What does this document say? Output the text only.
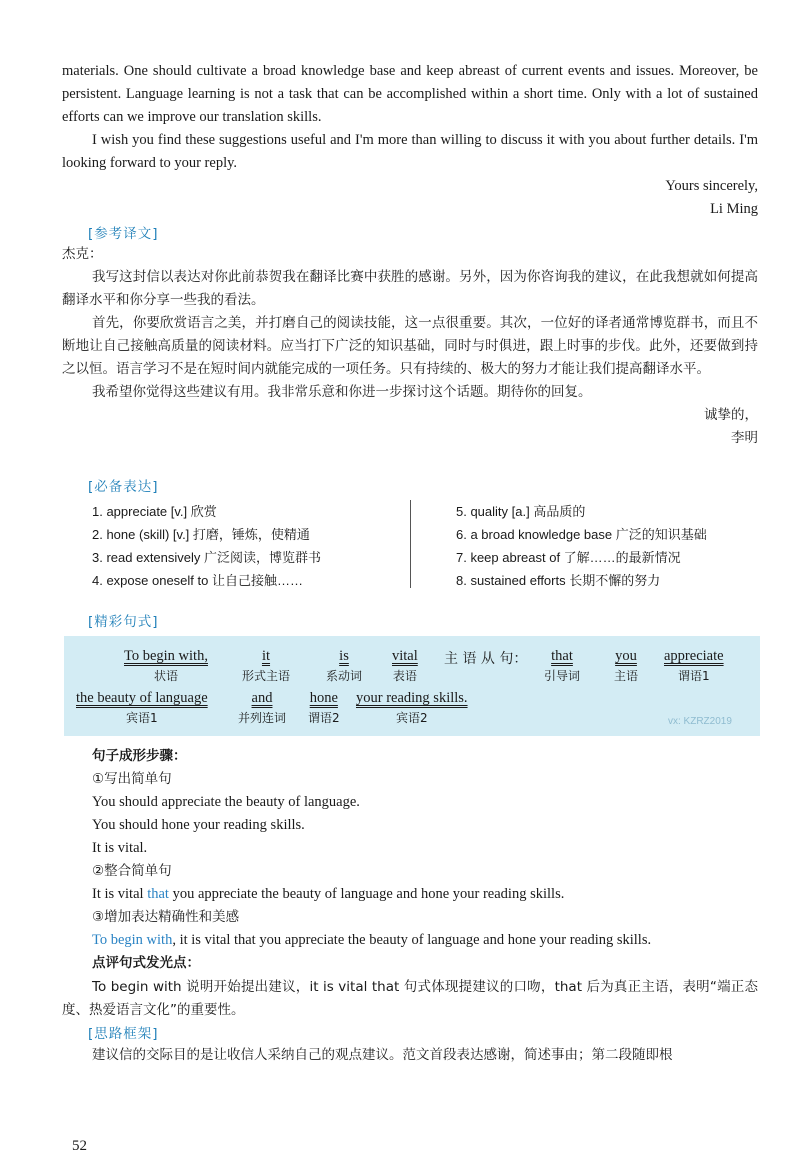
materials. One should cultivate a broad knowledge base and keep abreast of current events and issues. Moreover, be persistent. Language learning is not a task that can be accomplished within a short time. Only with a lot of sustained efforts can we improve our translation skills.

I wish you find these suggestions useful and I'm more than willing to discuss it with you about further details. I'm looking forward to your reply.

Yours sincerely,

Li Ming

[参考译文]

杰克：

我写这封信以表达对你此前恭贺我在翻译比赛中获胜的感谢。另外，因为你咨询我的建议，在此我想就如何提高翻译水平和你分享一些我的看法。

首先，你要欣赏语言之美，并打磨自己的阅读技能，这一点很重要。其次，一位好的译者通常博览群书，而且不断地让自己接触高质量的阅读材料。应当打下广泛的知识基础，同时与时俱进，跟上时事的步伐。此外，还要做到持之以恒。语言学习不是在短时间内就能完成的一项任务。只有持续的、极大的努力才能让我们提高翻译水平。

我希望你觉得这些建议有用。我非常乐意和你进一步探讨这个话题。期待你的回复。

诚挚的，

李明

[必备表达]
1. appreciate [v.] 欣赏
2. hone (skill) [v.] 打磨，锤炼，使精通
3. read extensively 广泛阅读，博览群书
4. expose oneself to 让自己接触……
5. quality [a.] 高品质的
6. a broad knowledge base 广泛的知识基础
7. keep abreast of 了解……的最新情况
8. sustained efforts 长期不懈的努力
[精彩句式]
To begin with,
状语
it
形式主语
is
系动词
vital
表语
主 语 从 句：	that
引导词
you
主语
appreciate
谓语1
the beauty of language
宾语1
and
并列连词
hone
谓语2
your reading skills.
宾语2	vx: KZRZ2019

句子成形步骤：

①写出简单句

You should appreciate the beauty of language.

You should hone your reading skills.

It is vital.

②整合简单句

It is vital that you appreciate the beauty of language and hone your reading skills.

③增加表达精确性和美感

To begin with, it is vital that you appreciate the beauty of language and hone your reading skills.

点评句式发光点：

To begin with 说明开始提出建议，it is vital that 句式体现提建议的口吻，that 后为真正主语，表明“端正态度、热爱语言文化”的重要性。

[思路框架]

建议信的交际目的是让收信人采纳自己的观点建议。范文首段表达感谢，简述事由；第二段随即根

52
